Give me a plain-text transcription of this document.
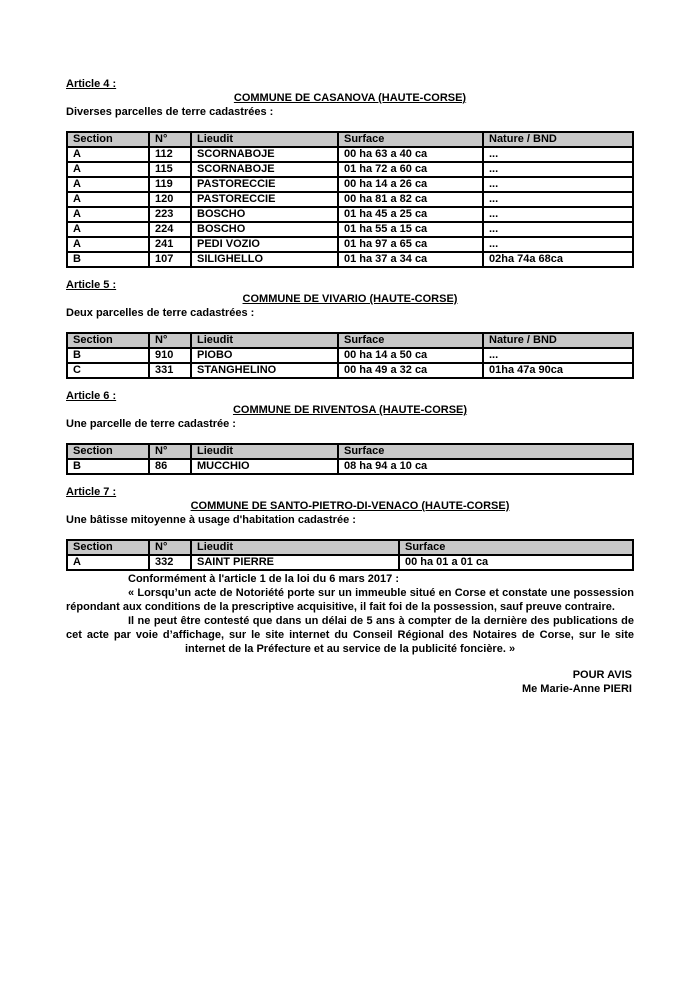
Article 4 :
COMMUNE DE CASANOVA (HAUTE-CORSE)
Diverses parcelles de terre cadastrées :
Section	N°	Lieudit	Surface	Nature / BND
A	112	SCORNABOJE	00 ha 63 a 40 ca	...
A	115	SCORNABOJE	01 ha 72 a 60 ca	...
A	119	PASTORECCIE	00 ha 14 a 26 ca	...
A	120	PASTORECCIE	00 ha 81 a 82 ca	...
A	223	BOSCHO	01 ha 45 a 25 ca	...
A	224	BOSCHO	01 ha 55 a 15 ca	...
A	241	PEDI VOZIO	01 ha 97 a 65 ca	...
B	107	SILIGHELLO	01 ha 37 a 34 ca	02ha 74a 68ca
Article 5 :
COMMUNE DE VIVARIO (HAUTE-CORSE)
Deux parcelles de terre cadastrées :
Section	N°	Lieudit	Surface	Nature / BND
B	910	PIOBO	00 ha 14 a 50 ca	...
C	331	STANGHELINO	00 ha 49 a 32 ca	01ha 47a 90ca
Article 6 :
COMMUNE DE RIVENTOSA (HAUTE-CORSE)
Une parcelle de terre cadastrée :
Section	N°	Lieudit	Surface
B	86	MUCCHIO	08 ha 94 a 10 ca
Article 7 :
COMMUNE DE SANTO-PIETRO-DI-VENACO (HAUTE-CORSE)
Une bâtisse mitoyenne à usage d'habitation cadastrée :
Section	N°	Lieudit	Surface
A	332	SAINT PIERRE	00 ha 01 a 01 ca

Conformément à l'article 1 de la loi du 6 mars 2017 :

« Lorsqu’un acte de Notoriété porte sur un immeuble situé en Corse et constate une possession répondant aux conditions de la prescriptive acquisitive, il fait foi de la possession, sauf preuve contraire.

Il ne peut être contesté que dans un délai de 5 ans à compter de la dernière des publications de cet acte par voie d’affichage, sur le site internet du Conseil Régional des Notaires de Corse, sur le site internet de la Préfecture et au service de la publicité foncière. »

POUR AVIS
Me Marie-Anne PIERI
